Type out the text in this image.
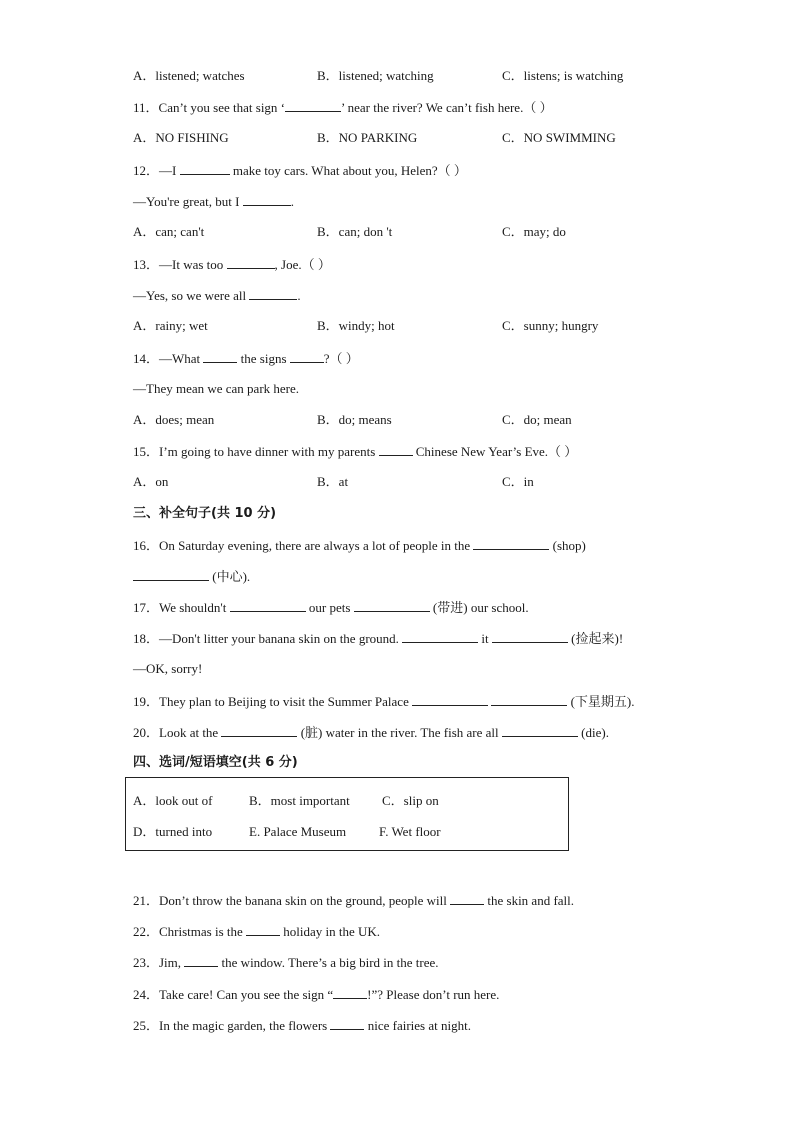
A．listened; watches	B．listened; watching	C．listens; is watching
11．Can’t you see that sign ‘	’ near the river? We can’t fish here.（ ）
A．NO FISHING	B．NO PARKING	C．NO SWIMMING
12．—I	make toy cars. What about you, Helen?（ ）
—You're great, but I	.
A．can; can't	B．can; don 't	C．may; do
13．—It was too	, Joe.（ ）
—Yes, so we were all	.
A．rainy; wet	B．windy; hot	C．sunny; hungry
14．—What	the signs	?（ ）
—They mean we can park here.
A．does; mean	B．do; means	C．do; mean
15．I’m going to have dinner with my parents	Chinese New Year’s Eve.（ ）
A．on	B．at	C．in
三、补全句子(共 10 分)
16．On Saturday evening, there are always a lot of people in the	(shop)
(中心).
17．We shouldn't	our pets	(带进) our school.
18．—Don't litter your banana skin on the ground.	it	(捡起来)!
—OK, sorry!
19．They plan to Beijing to visit the Summer Palace	(下星期五).
20．Look at the	(脏) water in the river. The fish are all	(die).
四、选词/短语填空(共 6 分)
A．look out of	B．most important C．slip on
D．turned into	E. Palace Museum	F. Wet floor
21．Don’t throw the banana skin on the ground, people will	the skin and fall.
22．Christmas is the	holiday in the UK.
23．Jim,	the window. There’s a big bird in the tree.
24．Take care! Can you see the sign “	!”? Please don’t run here.
25．In the magic garden, the flowers	nice fairies at night.
